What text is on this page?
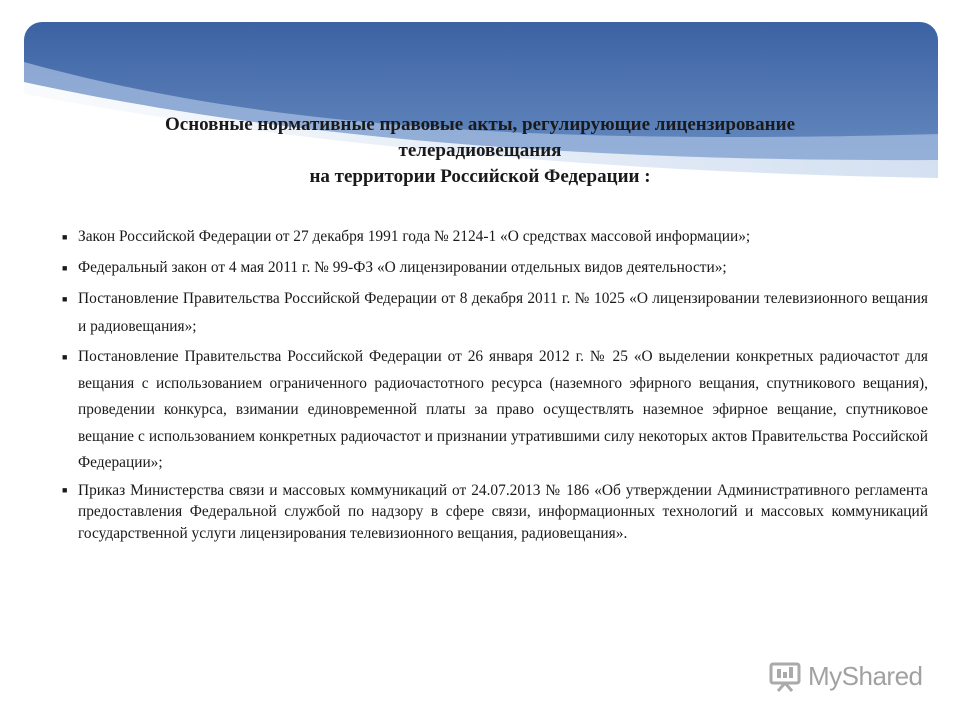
Основные нормативные правовые акты, регулирующие лицензирование
телерадиовещания
на территории Российской Федерации :
■ Закон Российской Федерации от 27 декабря 1991 года № 2124-1 «О средствах массовой информации»;
■ Федеральный закон от 4 мая 2011 г. № 99-ФЗ «О лицензировании отдельных видов деятельности»;
■ Постановление Правительства Российской Федерации от 8 декабря 2011 г. № 1025 «О лицензировании телевизионного вещания и радиовещания»;
■ Постановление Правительства Российской Федерации от 26 января 2012 г. № 25 «О выделении конкретных радиочастот для вещания с использованием ограниченного радиочастотного ресурса (наземного эфирного вещания, спутникового вещания), проведении конкурса, взимании единовременной платы за право осуществлять наземное эфирное вещание, спутниковое вещание с использованием конкретных радиочастот и признании утратившими силу некоторых актов Правительства Российской Федерации»;
■ Приказ Министерства связи и массовых коммуникаций от 24.07.2013 № 186 «Об утверждении Административного регламента предоставления Федеральной службой по надзору в сфере связи, информационных технологий и массовых коммуникаций государственной услуги лицензирования телевизионного вещания, радиовещания».
MyShared
